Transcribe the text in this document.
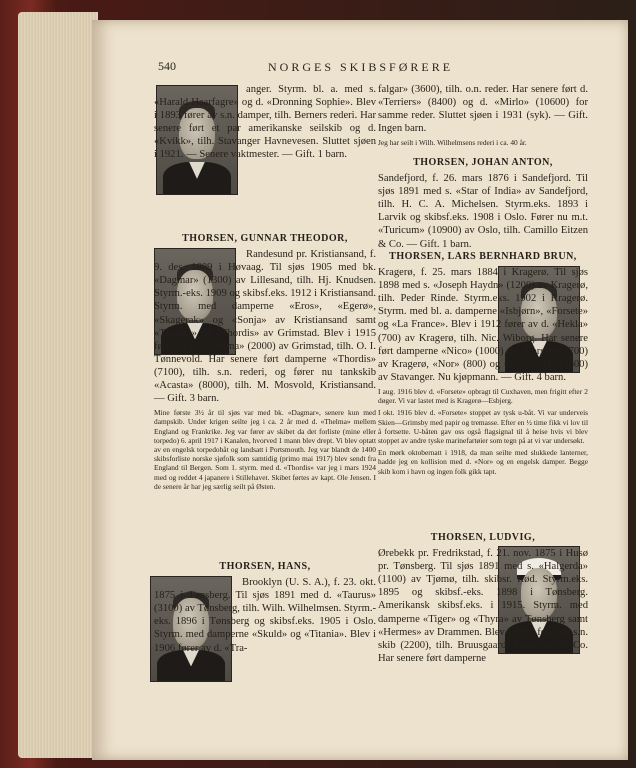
540	NORGES SKIBSFØRERE

anger. Styrm. bl. a. med s. «Harald Haarfagre» og d. «Dronning Sophie». Blev i 1893 fører av s.n. damper, tilh. Berners rederi. Har senere ført et par amerikanske seilskib og d. «Kvikk», tilh. Stavanger Havnevesen. Sluttet sjøen i 1921. — Senere vaktmester. — Gift. 1 barn.

THORSEN, GUNNAR THEODOR,

Randesund pr. Kristiansand, f. 9. des. 1889 i Høvaag. Til sjøs 1905 med bk. «Dagmar» (1300) av Lillesand, tilh. Hj. Knudsen. Styrm.-eks. 1909 og skibsf.eks. 1912 i Kristiansand. Styrm. med damperne «Eros», «Egerø», «Skagerak» og «Sonja» av Kristiansand samt «Thelma» og «Thordis» av Grimstad. Blev i 1915 fører av d. «Thelma» (2000) av Grimstad, tilh. O. I. Tønnevold. Har senere ført damperne «Thordis» (7100), tilh. s.n. rederi, og fører nu tankskib «Acasta» (8000), tilh. M. Mosvold, Kristiansand. — Gift. 3 barn.

Mine første 3½ år til sjøs var med bk. «Dagmar», senere kun med dampskib. Under krigen seilte jeg i ca. 2 år med d. «Thelma» mellem England og Frankrike. Jeg var fører av skibet da det forliste (mine eller torpedo) 6. april 1917 i Kanalen, hvorved 1 mann blev drept. Vi blev optatt av en engelsk torpedobåt og landsatt i Portsmouth. Jeg var blandt de 1400 skibsforliste norske sjøfolk som samtidig (primo mai 1917) blev sendt fra England til Bergen. Som 1. styrm. med d. «Thordis» var jeg i mars 1924 med og reddet 4 japanere i Stillehavet. Skibet førtes av kapt. Ole Jensen. I de senere år har jeg særlig seilt på Østen.

THORSEN, HANS,

Brooklyn (U. S. A.), f. 23. okt. 1875 i Tønsberg. Til sjøs 1891 med d. «Taurus» (3100) av Tønsberg, tilh. Wilh. Wilhelmsen. Styrm.-eks. 1896 i Tønsberg og skibsf.eks. 1905 i Oslo. Styrm. med damperne «Skuld» og «Titania». Blev i 1906 fører av d. «Tra-

falgar» (3600), tilh. o.n. reder. Har senere ført d. «Terriers» (8400) og d. «Mirlo» (10600) for samme reder. Sluttet sjøen i 1931 (syk). — Gift. Ingen barn.

Jeg har seilt i Wilh. Wilhelmsens rederi i ca. 40 år.

THORSEN, JOHAN ANTON,

Sandefjord, f. 26. mars 1876 i Sandefjord. Til sjøs 1891 med s. «Star of India» av Sandefjord, tilh. H. C. A. Michelsen. Styrm.eks. 1893 i Larvik og skibsf.eks. 1908 i Oslo. Fører nu m.t. «Turicum» (10900) av Oslo, tilh. Camillo Eitzen & Co. — Gift. 1 barn.

THORSEN, LARS BERNHARD BRUN,

Kragerø, f. 25. mars 1884 i Kragerø. Til sjøs 1898 med s. «Joseph Haydn» (1200) av Kragerø, tilh. Peder Rinde. Styrm.eks. 1902 i Kragerø. Styrm. med bl. a. damperne «Isbjørn», «Forsete» og «La France». Blev i 1912 fører av d. «Hekla» (700) av Kragerø, tilh. Nic. Wiborg. Har senere ført damperne «Nico» (1000) og «Forsete» (700) av Kragerø, «Nor» (800) og «Svartfond» (3600) av Stavanger. Nu kjøpmann. — Gift. 4 barn.

I aug. 1916 blev d. «Forsete» opbragt til Cuxhaven, men frigitt efter 2 døger. Vi var lastet med is Kragerø—Esbjerg.

I okt. 1916 blev d. «Forsete» stoppet av tysk u-båt. Vi var underveis Skien—Grimsby med papir og tremasse. Efter en ½ time fikk vi lov til å fortsette. U-båten gav oss også flagsignal til å heise hvis vi blev stoppet av andre tyske marinefartøier som tegn på at vi var undersøkt.

En mørk oktobernatt i 1918, da man seilte med slukkede lanterner, hadde jeg en kollision med d. «Nor» og en engelsk damper. Begge skib kom i havn og ingen folk gikk tapt.

THORSEN, LUDVIG,

Ørebekk pr. Fredrikstad, f. 21. nov. 1875 i Husø pr. Tønsberg. Til sjøs 1891 med s. «Halgerda» (1100) av Tjømø, tilh. skibsr. Rød. Styrm.eks. 1895 og skibsf.-eks. 1898 i Tønsberg. Amerikansk skibsf.eks. i 1915. Styrm. med damperne «Tiger» og «Thyra» av Tønsberg samt «Hermes» av Drammen. Blev i 1902 fører av s.n. skib (2200), tilh. Bruusgaard, Kiøsterud & Co. Har senere ført damperne
